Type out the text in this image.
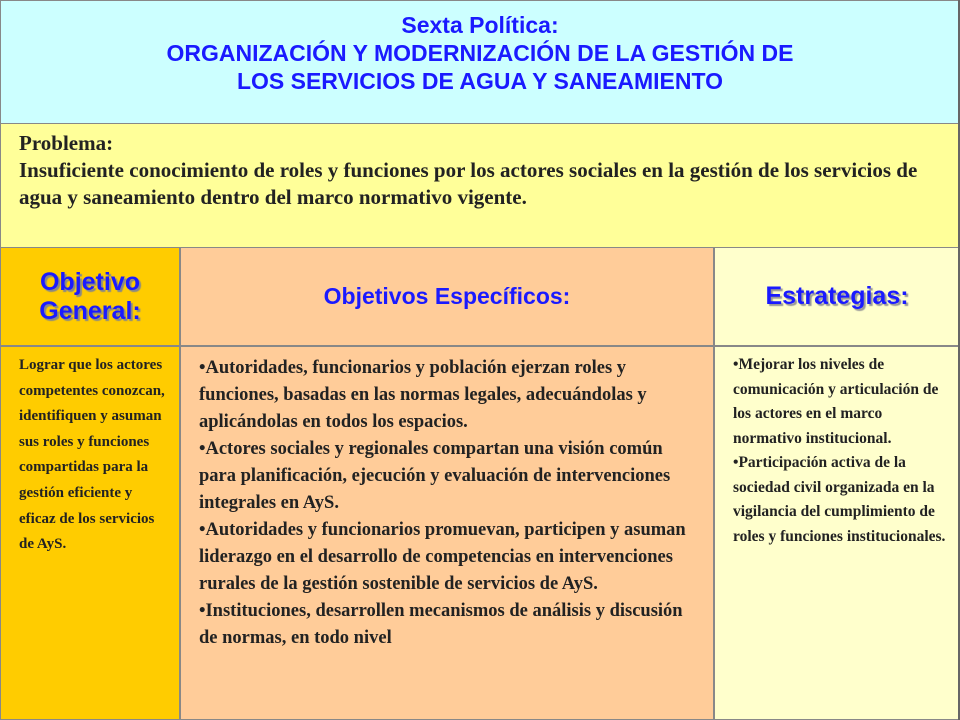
Sexta Política:
ORGANIZACIÓN Y MODERNIZACIÓN DE LA GESTIÓN DE
LOS SERVICIOS DE AGUA Y SANEAMIENTO
Problema:
Insuficiente conocimiento de roles y funciones por los actores sociales en la gestión de los servicios de agua y saneamiento dentro del marco normativo vigente.
Objetivo
General:
Objetivos Específicos:	Estrategias:
Lograr que los actores competentes conozcan, identifiquen y asuman sus roles y funciones compartidas para la gestión eficiente y eficaz de los servicios de AyS.
• Autoridades, funcionarios y población ejerzan roles y funciones, basadas en las normas legales, adecuándolas y aplicándolas en todos los espacios.
• Actores sociales y regionales compartan una visión común para planificación, ejecución y evaluación de intervenciones integrales en AyS.
• Autoridades y funcionarios promuevan, participen y asuman liderazgo en el desarrollo de competencias en intervenciones rurales de la gestión sostenible de servicios de AyS.
• Instituciones, desarrollen mecanismos de análisis y discusión de normas, en todo nivel
• Mejorar los niveles de comunicación y articulación de los actores en el marco normativo institucional.
• Participación activa de la sociedad civil organizada en la vigilancia del cumplimiento de roles y funciones institucionales.
